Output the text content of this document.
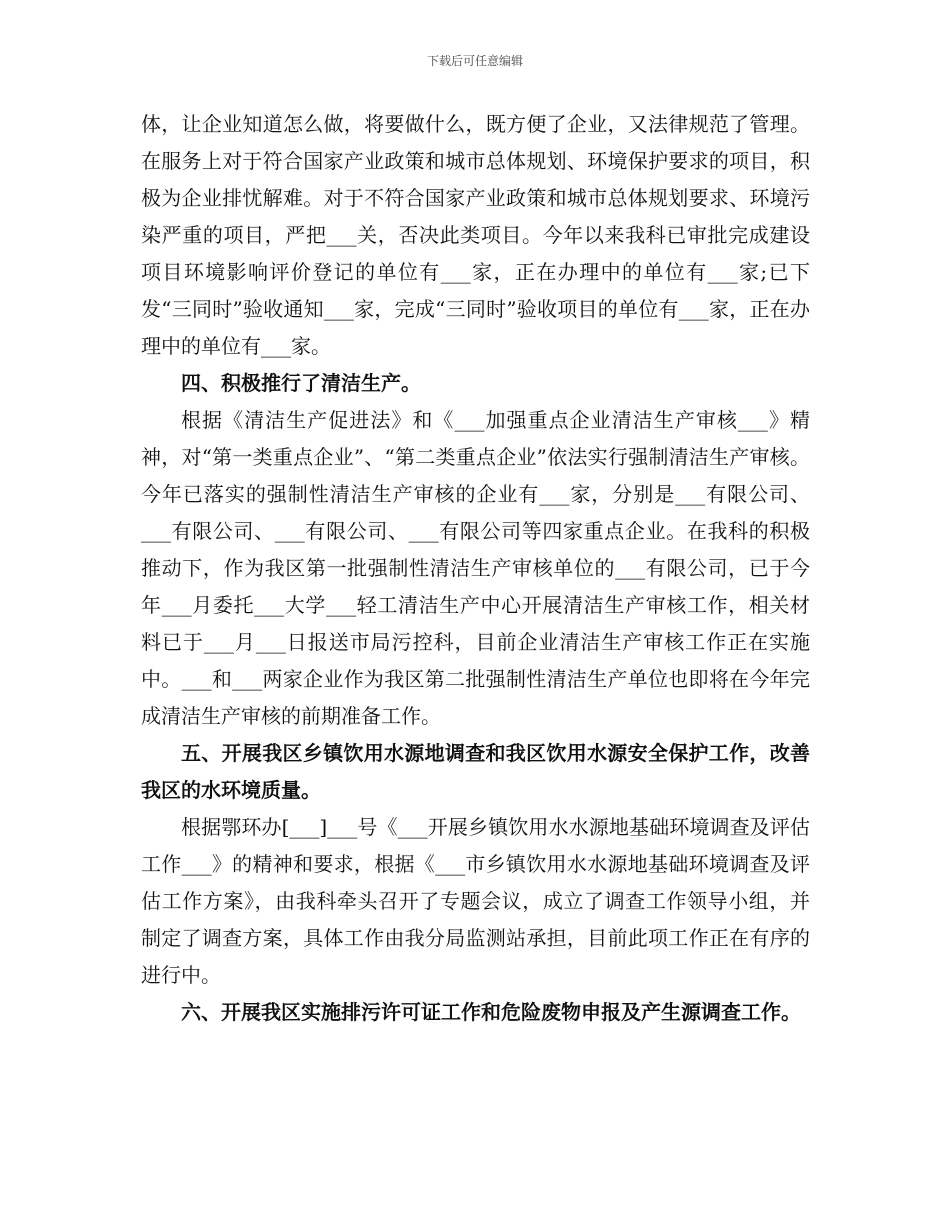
下载后可任意编辑

体，让企业知道怎么做，将要做什么，既方便了企业，又法律规范了管理。在服务上对于符合国家产业政策和城市总体规划、环境保护要求的项目，积极为企业排忧解难。对于不符合国家产业政策和城市总体规划要求、环境污染严重的项目，严把___关，否决此类项目。今年以来我科已审批完成建设项目环境影响评价登记的单位有___家，正在办理中的单位有___家;已下发“三同时”验收通知___家，完成“三同时”验收项目的单位有___家，正在办理中的单位有___家。

四、积极推行了清洁生产。

根据《清洁生产促进法》和《___加强重点企业清洁生产审核___》精神，对“第一类重点企业”、“第二类重点企业”依法实行强制清洁生产审核。今年已落实的强制性清洁生产审核的企业有___家，分别是___有限公司、___有限公司、___有限公司、___有限公司等四家重点企业。在我科的积极推动下，作为我区第一批强制性清洁生产审核单位的___有限公司，已于今年___月委托___大学___轻工清洁生产中心开展清洁生产审核工作，相关材料已于___月___日报送市局污控科，目前企业清洁生产审核工作正在实施中。___和___两家企业作为我区第二批强制性清洁生产单位也即将在今年完成清洁生产审核的前期准备工作。

五、开展我区乡镇饮用水源地调查和我区饮用水源安全保护工作，改善我区的水环境质量。

根据鄂环办[___]___号《___开展乡镇饮用水水源地基础环境调查及评估工作___》的精神和要求，根据《___市乡镇饮用水水源地基础环境调查及评估工作方案》，由我科牵头召开了专题会议，成立了调查工作领导小组，并制定了调查方案，具体工作由我分局监测站承担，目前此项工作正在有序的进行中。

六、开展我区实施排污许可证工作和危险废物申报及产生源调查工作。
